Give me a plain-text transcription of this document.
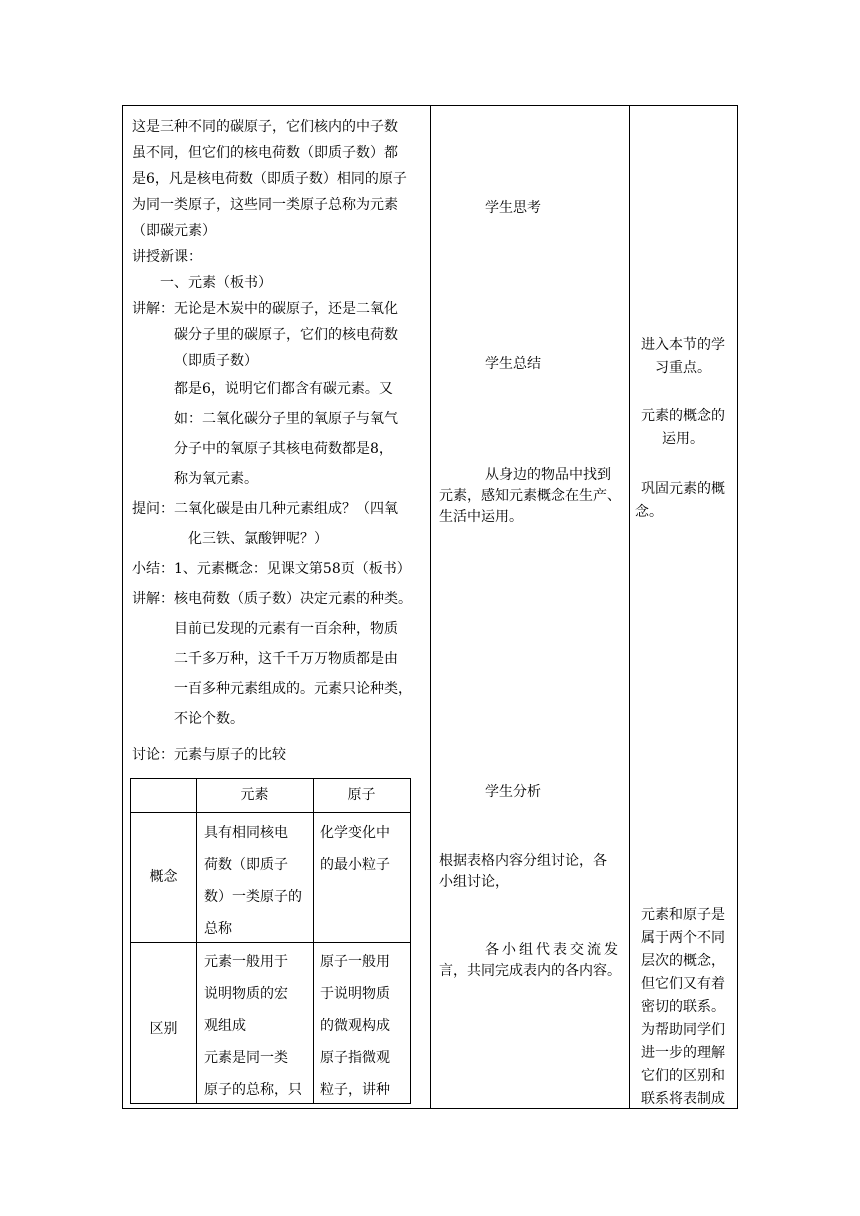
这是三种不同的碳原子，它们核内的中子数
虽不同，但它们的核电荷数（即质子数）都
是6，凡是核电荷数（即质子数）相同的原子
为同一类原子，这些同一类原子总称为元素
（即碳元素）
讲授新课：
一、元素（板书）
讲解：无论是木炭中的碳原子，还是二氧化
碳分子里的碳原子，它们的核电荷数
（即质子数）
都是6，说明它们都含有碳元素。又
如：二氧化碳分子里的氧原子与氧气
分子中的氧原子其核电荷数都是8，
称为氧元素。
提问：二氧化碳是由几种元素组成？（四氧
化三铁、氯酸钾呢？）
小结：1、元素概念：见课文第58页（板书）
讲解：核电荷数（质子数）决定元素的种类。
目前已发现的元素有一百余种，物质
二千多万种，这千千万万物质都是由
一百多种元素组成的。元素只论种类，
不论个数。
讨论：元素与原子的比较
元素	原子
概念
具有相同核电
荷数（即质子
数）一类原子的
总称
化学变化中
的最小粒子
区别
元素一般用于
说明物质的宏
观组成
元素是同一类
原子的总称，只
原子一般用
于说明物质
的微观构成
原子指微观
粒子，讲种
学生思考
学生总结
从身边的物品中找到
元素，感知元素概念在生产、
生活中运用。
学生分析
根据表格内容分组讨论，各
小组讨论，
各小组代表交流发
言，共同完成表内的各内容。
进入本节的学
习重点。
元素的概念的
运用。
巩固元素的概
念。
元素和原子是
属于两个不同
层次的概念，
但它们又有着
密切的联系。
为帮助同学们
进一步的理解
它们的区别和
联系将表制成
